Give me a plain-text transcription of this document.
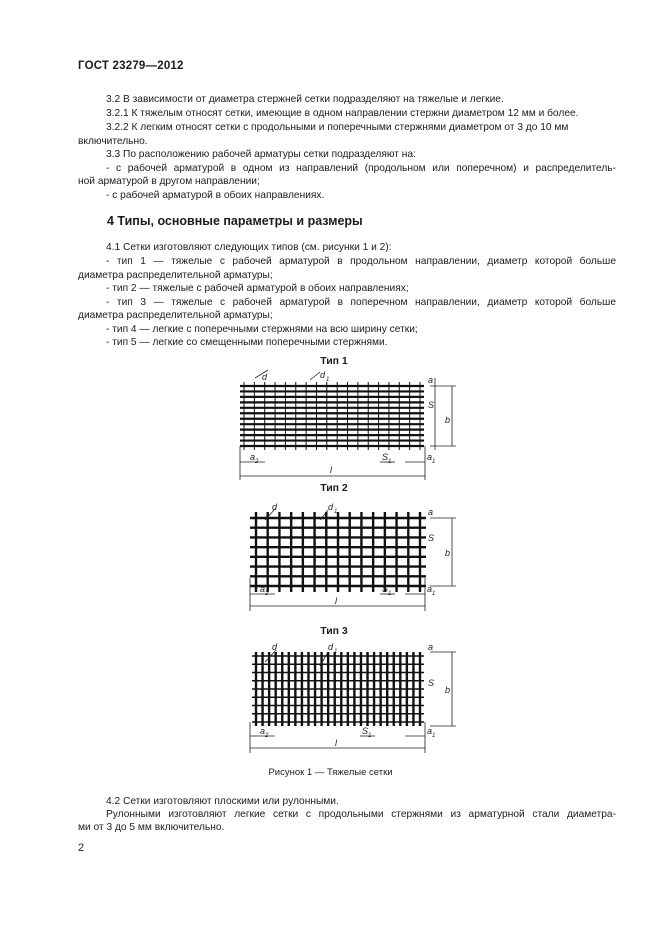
ГОСТ 23279—2012
3.2 В зависимости от диаметра стержней сетки подразделяют на тяжелые и легкие.
3.2.1 К тяжелым относят сетки, имеющие в одном направлении стержни диаметром 12 мм и более.
3.2.2 К легким относят сетки с продольными и поперечными стержнями диаметром от 3 до 10 мм
включительно.
3.3 По расположению рабочей арматуры сетки подразделяют на:
- с рабочей арматурой в одном из направлений (продольном или поперечном) и распределитель-
ной арматурой в другом направлении;
- с рабочей арматурой в обоих направлениях.
4 Типы, основные параметры и размеры
4.1 Сетки изготовляют следующих типов (см. рисунки 1 и 2):
- тип 1 — тяжелые с рабочей арматурой в продольном направлении, диаметр которой больше
диаметра распределительной арматуры;
- тип 2 — тяжелые с рабочей арматурой в обоих направлениях;
- тип 3 — тяжелые с рабочей арматурой в поперечном направлении, диаметр которой больше
диаметра распределительной арматуры;
- тип 4 — легкие с поперечными стержнями на всю ширину сетки;
- тип 5 — легкие со смещенными поперечными стержнями.
Тип 1
d	d 1
a 2	S 1	a 1
l
b
a
S
Тип 2
d	d 1
a 2	S 1	a 1
l
b
a
S
Тип 3
d	d 1
a 2	S 1	a 1
l
b
a
S
Рисунок 1 — Тяжелые сетки
4.2 Сетки изготовляют плоскими или рулонными.
Рулонными изготовляют легкие сетки с продольными стержнями из арматурной стали диаметра-
ми от 3 до 5 мм включительно.
2
